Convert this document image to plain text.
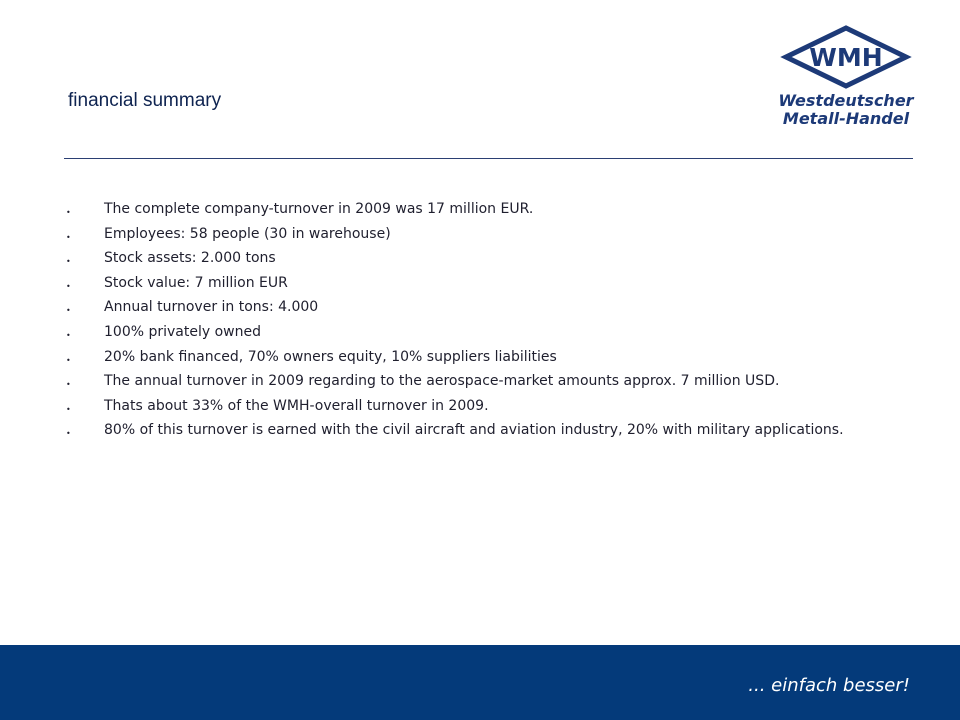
financial summary
WMH
Westdeutscher
Metall-Handel
• The complete company-turnover in 2009 was 17 million EUR.
• Employees: 58 people (30 in warehouse)
• Stock assets: 2.000 tons
• Stock value: 7 million EUR
• Annual turnover in tons: 4.000
• 100% privately owned
• 20% bank financed, 70% owners equity, 10% suppliers liabilities
• The annual turnover in 2009 regarding to the aerospace-market amounts approx. 7 million USD.
• Thats about 33% of the WMH-overall turnover in 2009.
• 80% of this turnover is earned with the civil aircraft and aviation industry, 20% with military applications.
... einfach besser!
